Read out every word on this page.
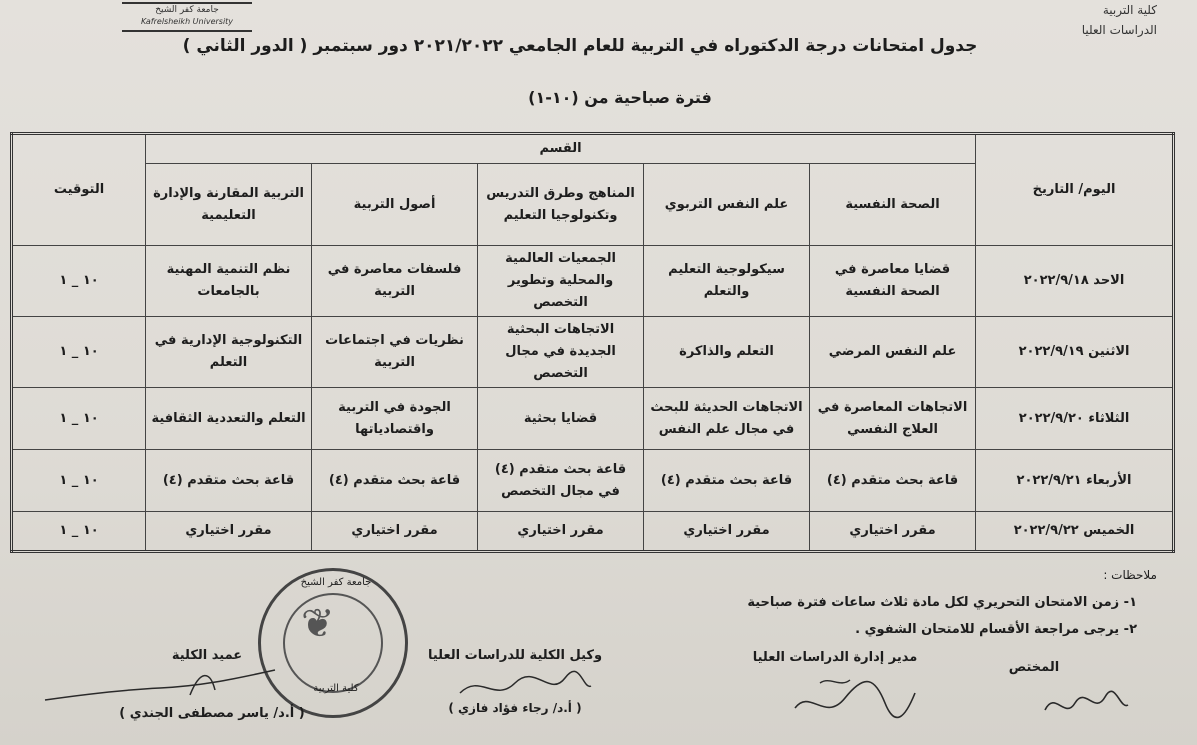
جامعة كفر الشيخ
Kafrelsheikh University
كلية التربية
الدراسات العليا
جدول امتحانات درجة الدكتوراه في التربية للعام الجامعي ٢٠٢١/٢٠٢٢ دور سبتمبر ( الدور الثاني )
فترة صباحية من (١٠-١)
اليوم/ التاريخ	القسم					التوقيت
	الصحة النفسية	علم النفس التربوي	المناهج وطرق التدريس وتكنولوجيا التعليم	أصول التربية	التربية المقارنة والإدارة التعليمية	
الاحد ٢٠٢٢/٩/١٨	قضايا معاصرة في الصحة النفسية	سيكولوجية التعليم والتعلم	الجمعيات العالمية والمحلية وتطوير التخصص	فلسفات معاصرة في التربية	نظم التنمية المهنية بالجامعات	١٠ _ ١
الاثنين ٢٠٢٢/٩/١٩	علم النفس المرضي	التعلم والذاكرة	الاتجاهات البحثية الجديدة في مجال التخصص	نظريات في اجتماعات التربية	التكنولوجية الإدارية في التعلم	١٠ _ ١
الثلاثاء ٢٠٢٢/٩/٢٠	الاتجاهات المعاصرة في العلاج النفسي	الاتجاهات الحديثة للبحث في مجال علم النفس	قضايا بحثية	الجودة في التربية واقتصادياتها	التعلم والتعددية الثقافية	١٠ _ ١
الأربعاء ٢٠٢٢/٩/٢١	قاعة بحث متقدم (٤)	قاعة بحث متقدم (٤)	قاعة بحث متقدم (٤) في مجال التخصص	قاعة بحث متقدم (٤)	قاعة بحث متقدم (٤)	١٠ _ ١
الخميس ٢٠٢٢/٩/٢٢	مقرر اختياري	مقرر اختياري	مقرر اختياري	مقرر اختياري	مقرر اختياري	١٠ _ ١
ملاحظات :
١- زمن الامتحان التحريري لكل مادة ثلاث ساعات فترة صباحية
٢- يرجى مراجعة الأقسام للامتحان الشفوي .
جامعة كفر الشيخ
❦
كلية التربية
المختص
مدير إدارة الدراسات العليا
وكيل الكلية للدراسات العليا
( أ.د/ رجاء فؤاد فازي )
عميد الكلية
( أ.د/ ياسر مصطفى الجندي )
